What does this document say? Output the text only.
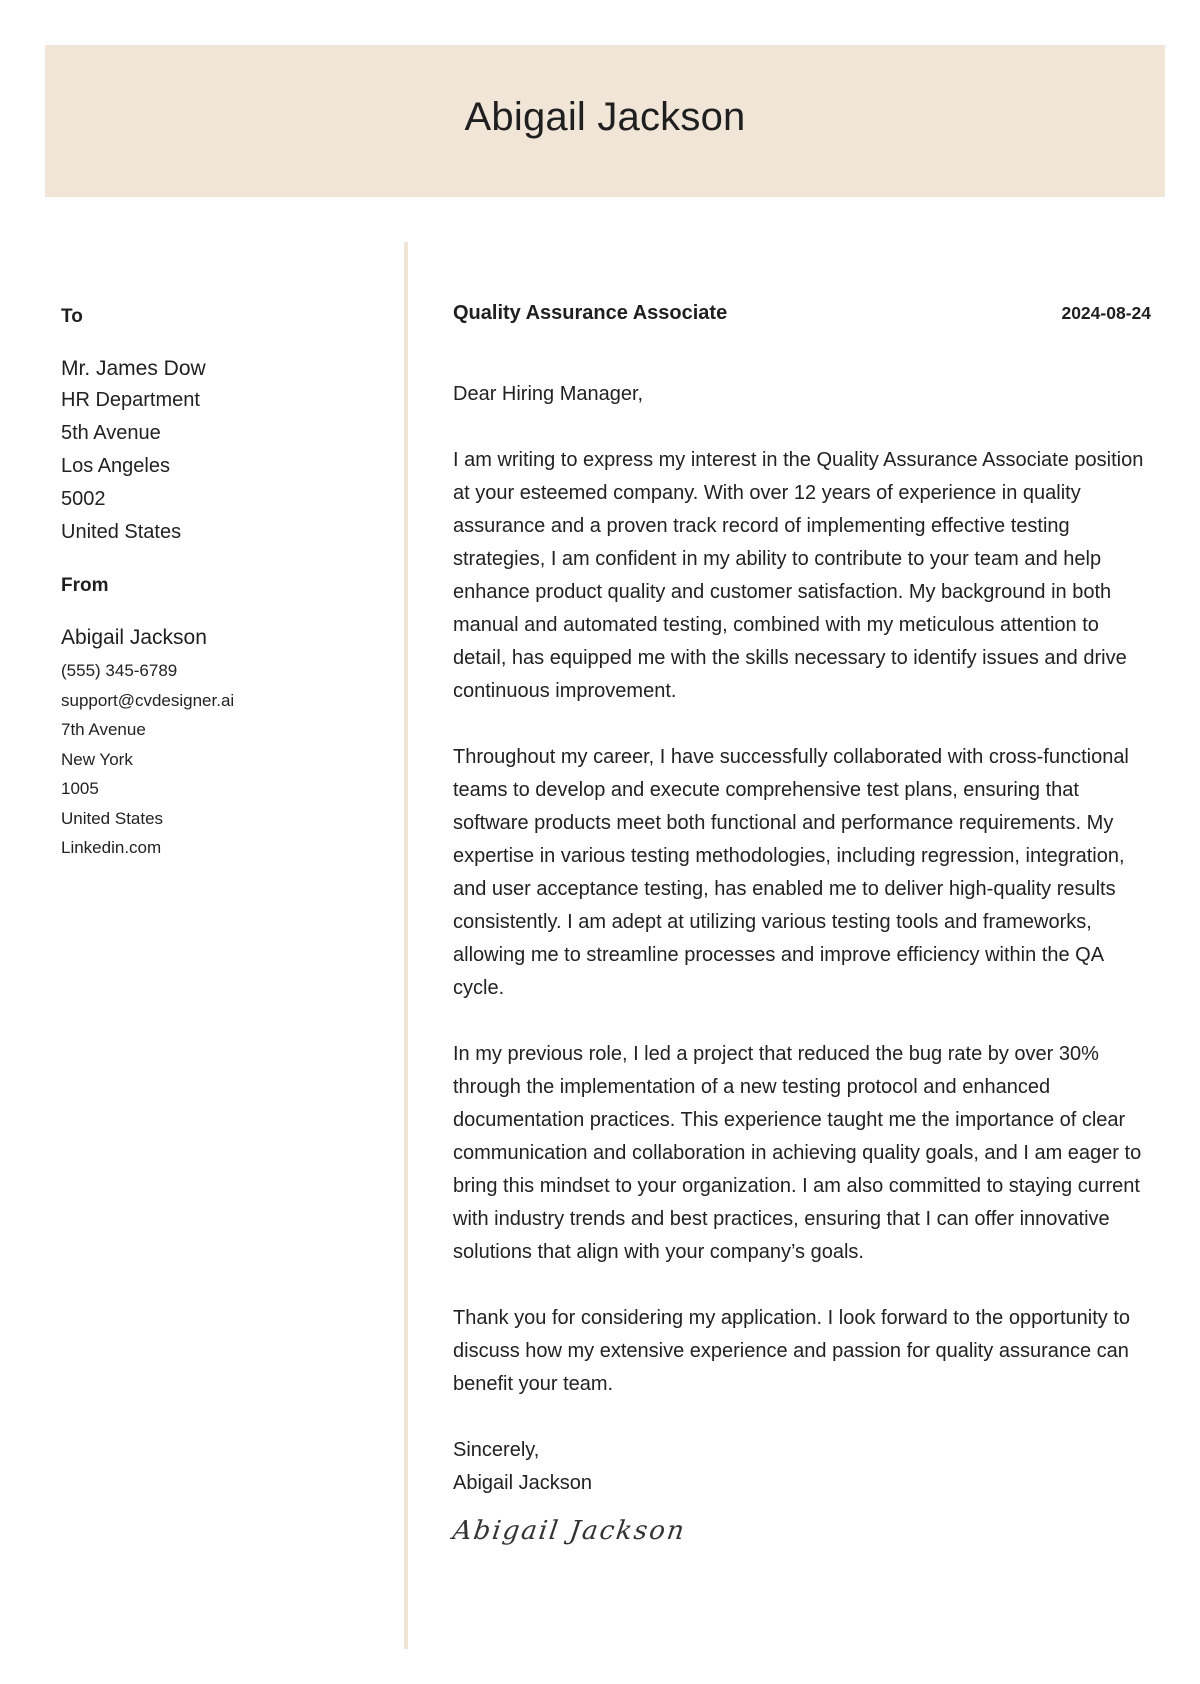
Abigail Jackson
To
Mr. James Dow
HR Department
5th Avenue
Los Angeles
5002
United States
From
Abigail Jackson
(555) 345-6789
support@cvdesigner.ai
7th Avenue
New York
1005
United States
Linkedin.com
Quality Assurance Associate	2024-08-24

Dear Hiring Manager,

I am writing to express my interest in the Quality Assurance Associate position at your esteemed company. With over 12 years of experience in quality assurance and a proven track record of implementing effective testing strategies, I am confident in my ability to contribute to your team and help enhance product quality and customer satisfaction. My background in both manual and automated testing, combined with my meticulous attention to detail, has equipped me with the skills necessary to identify issues and drive continuous improvement.

Throughout my career, I have successfully collaborated with cross-functional teams to develop and execute comprehensive test plans, ensuring that software products meet both functional and performance requirements. My expertise in various testing methodologies, including regression, integration, and user acceptance testing, has enabled me to deliver high-quality results consistently. I am adept at utilizing various testing tools and frameworks, allowing me to streamline processes and improve efficiency within the QA cycle.

In my previous role, I led a project that reduced the bug rate by over 30% through the implementation of a new testing protocol and enhanced documentation practices. This experience taught me the importance of clear communication and collaboration in achieving quality goals, and I am eager to bring this mindset to your organization. I am also committed to staying current with industry trends and best practices, ensuring that I can offer innovative solutions that align with your company’s goals.

Thank you for considering my application. I look forward to the opportunity to discuss how my extensive experience and passion for quality assurance can benefit your team.

Sincerely,
Abigail Jackson
Abigail Jackson
